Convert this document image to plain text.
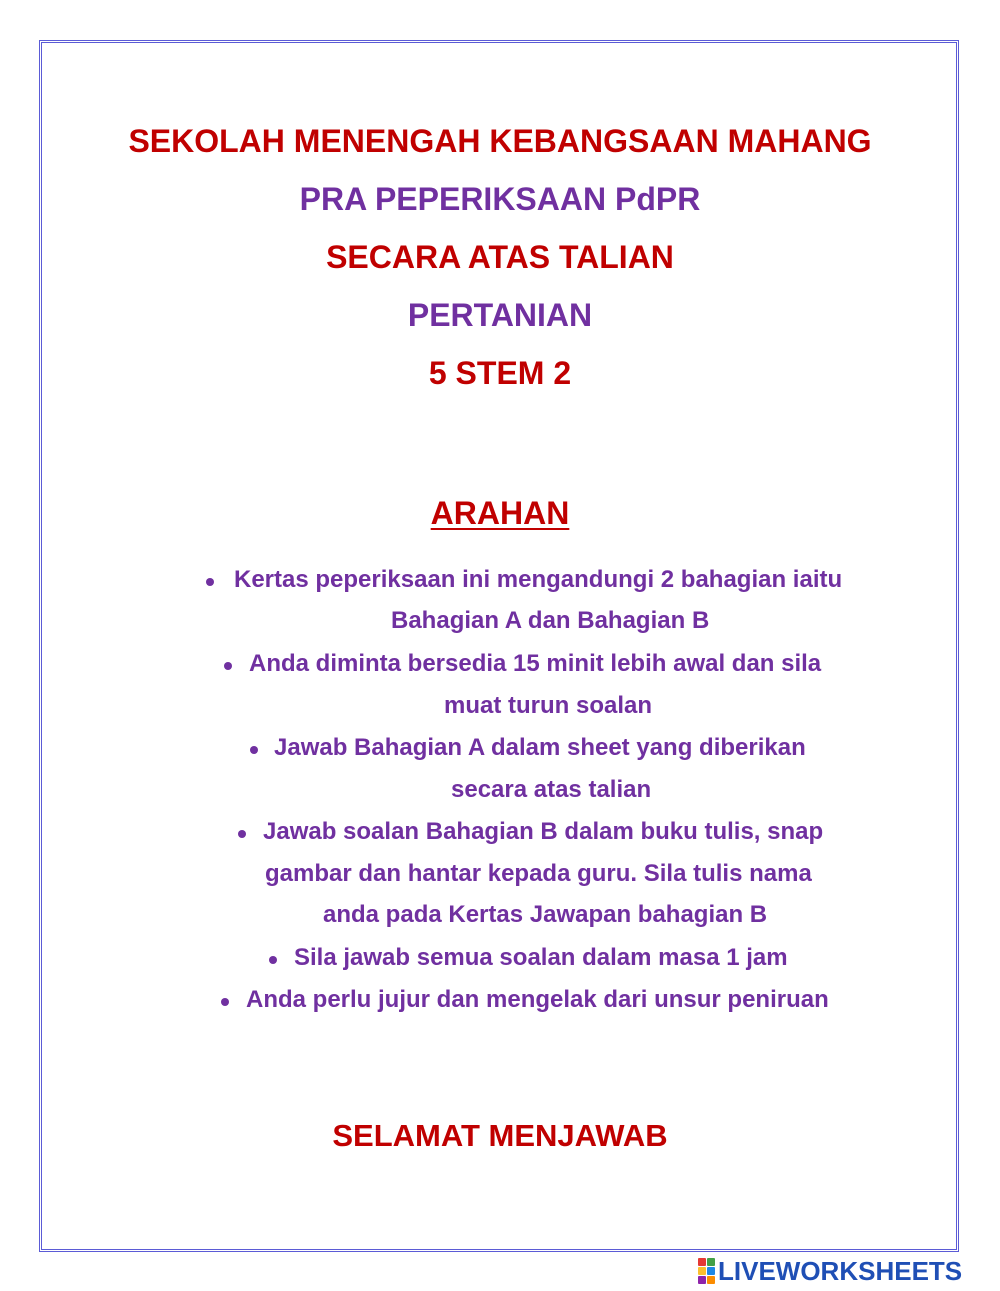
SEKOLAH MENENGAH KEBANGSAAN MAHANG
PRA PEPERIKSAAN PdPR
SECARA ATAS TALIAN
PERTANIAN
5 STEM 2
ARAHAN
Kertas peperiksaan ini mengandungi 2 bahagian iaitu
Bahagian A dan Bahagian B
Anda diminta bersedia 15 minit lebih awal dan sila
muat turun soalan
Jawab Bahagian A dalam sheet yang diberikan
secara atas talian
Jawab soalan Bahagian B dalam buku tulis, snap
gambar dan hantar kepada guru. Sila tulis nama
anda pada Kertas Jawapan bahagian B
Sila jawab semua soalan dalam masa 1 jam
Anda perlu jujur dan mengelak dari unsur peniruan
SELAMAT MENJAWAB
LIVEWORKSHEETS
